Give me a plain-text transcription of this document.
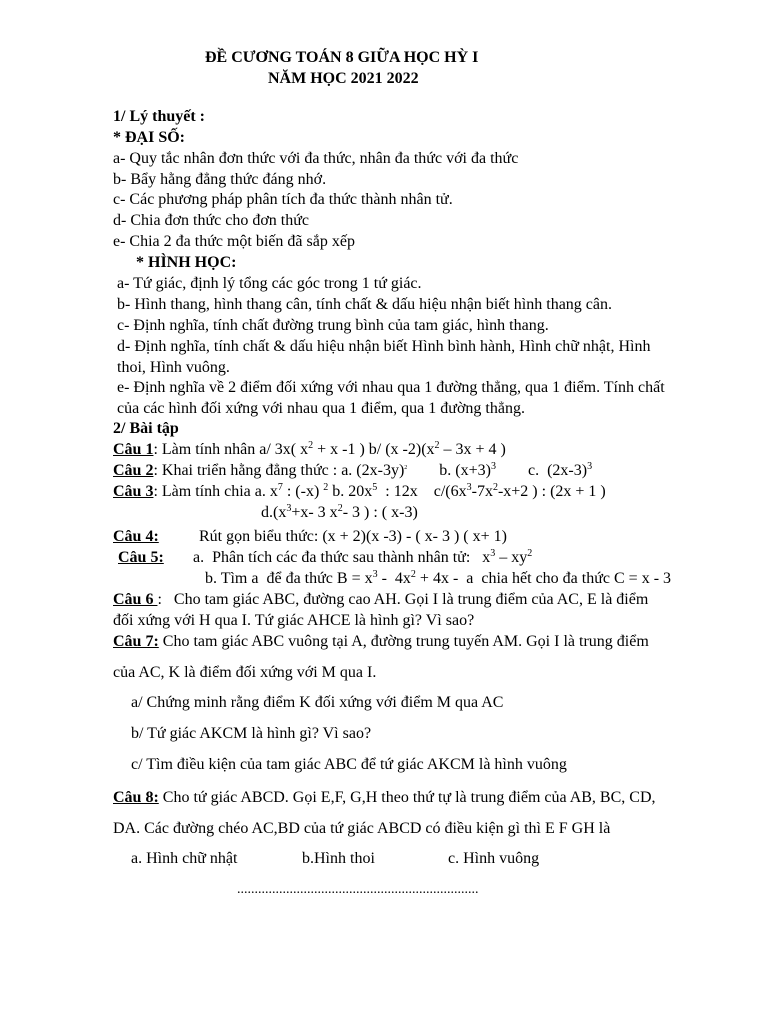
ĐỀ CƯƠNG TOÁN 8 GIỮA HỌC HỲ I
NĂM HỌC 2021 2022
1/ Lý thuyết :
* ĐẠI SỐ:
a- Quy tắc nhân đơn thức với đa thức, nhân đa thức với đa thức
b- Bẩy hằng đẳng thức đáng nhớ.
c- Các phương pháp phân tích đa thức thành nhân tử.
d- Chia đơn thức cho đơn thức
e- Chia 2 đa thức một biến đã sắp xếp
* HÌNH HỌC:
a- Tứ giác, định lý tổng các góc trong 1 tứ giác.
b- Hình thang, hình thang cân, tính chất & dấu hiệu nhận biết hình thang cân.
c- Định nghĩa, tính chất đường trung bình của tam giác, hình thang.
d- Định nghĩa, tính chất & dấu hiệu nhận biết Hình bình hành, Hình chữ nhật, Hình
thoi, Hình vuông.
e- Định nghĩa về 2 điểm đối xứng với nhau qua 1 đường thẳng, qua 1 điểm. Tính chất
của các hình đối xứng với nhau qua 1 điểm, qua 1 đường thẳng.
2/ Bài tập
Câu 1: Làm tính nhân a/ 3x( $x^2 + x$ -1 ) b/ (x $-2)(x^2 - 3x + 4$ )
Câu 2: Khai triển hằng đẳng thức : a. $(2x-3y)^2$        b. $(x+3)^3$        c.  $(2x-3)^3$
Câu 3: Làm tính chia a. $x^7$ : (-x) $^2$ b. $20x^5$  : 12x    $c/(6x^3-7x^2-x+2$ ) : (2x + 1 )
$d.(x^3+x-$ 3 $x^2-$ 3 ) : ( x-3)
Câu 4:	Rút gọn biểu thức: (x + 2)(x -3) - ( x- 3 ) ( x+ 1)
Câu 5: a.  Phân tích các đa thức sau thành nhân tử:   $x^3 - xy^2$
b. Tìm a  để đa thức $B = x^3 - 4x^2 + 4x - a$  chia hết cho đa thức C = x - 3
Câu 6 :   Cho tam giác ABC, đường cao AH. Gọi I là trung điểm của AC, E là điểm
đối xứng với H qua I. Tứ giác AHCE là hình gì? Vì sao?
Câu 7: Cho tam giác ABC vuông tại A, đường trung tuyến AM. Gọi I là trung điểm
của AC, K là điểm đối xứng với M qua I.
a/ Chứng minh rằng điểm K đối xứng với điểm M qua AC
b/ Tứ giác AKCM là hình gì? Vì sao?
c/ Tìm điều kiện của tam giác ABC để tứ giác AKCM là hình vuông
Câu 8: Cho tứ giác ABCD. Gọi E,F, G,H theo thứ tự là trung điểm của AB, BC, CD,
DA. Các đường chéo AC,BD của tứ giác ABCD có điều kiện gì thì E F GH là
a. Hình chữ nhật	b.Hình thoi	c. Hình vuông
.....................................................................
